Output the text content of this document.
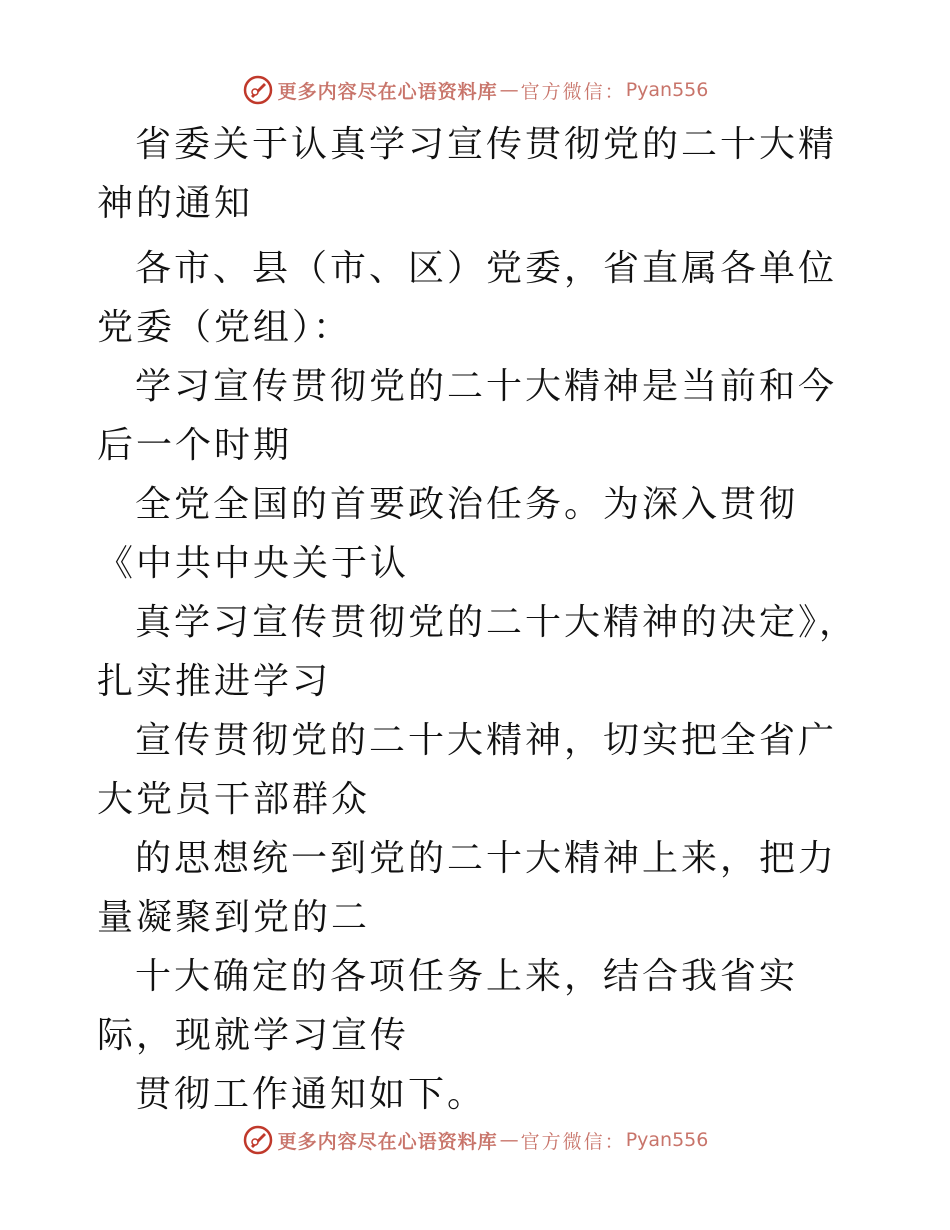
更多内容尽在心语资料库 — 官方微信： Pyan556

省委关于认真学习宣传贯彻党的二十大精神的通知

各市、县（市、区）党委，省直属各单位党委（党组）：

学习宣传贯彻党的二十大精神是当前和今后一个时期

全党全国的首要政治任务。为深入贯彻《中共中央关于认

真学习宣传贯彻党的二十大精神的决定》，扎实推进学习

宣传贯彻党的二十大精神，切实把全省广大党员干部群众

的思想统一到党的二十大精神上来，把力量凝聚到党的二

十大确定的各项任务上来，结合我省实际，现就学习宣传

贯彻工作通知如下。

更多内容尽在心语资料库 — 官方微信： Pyan556
